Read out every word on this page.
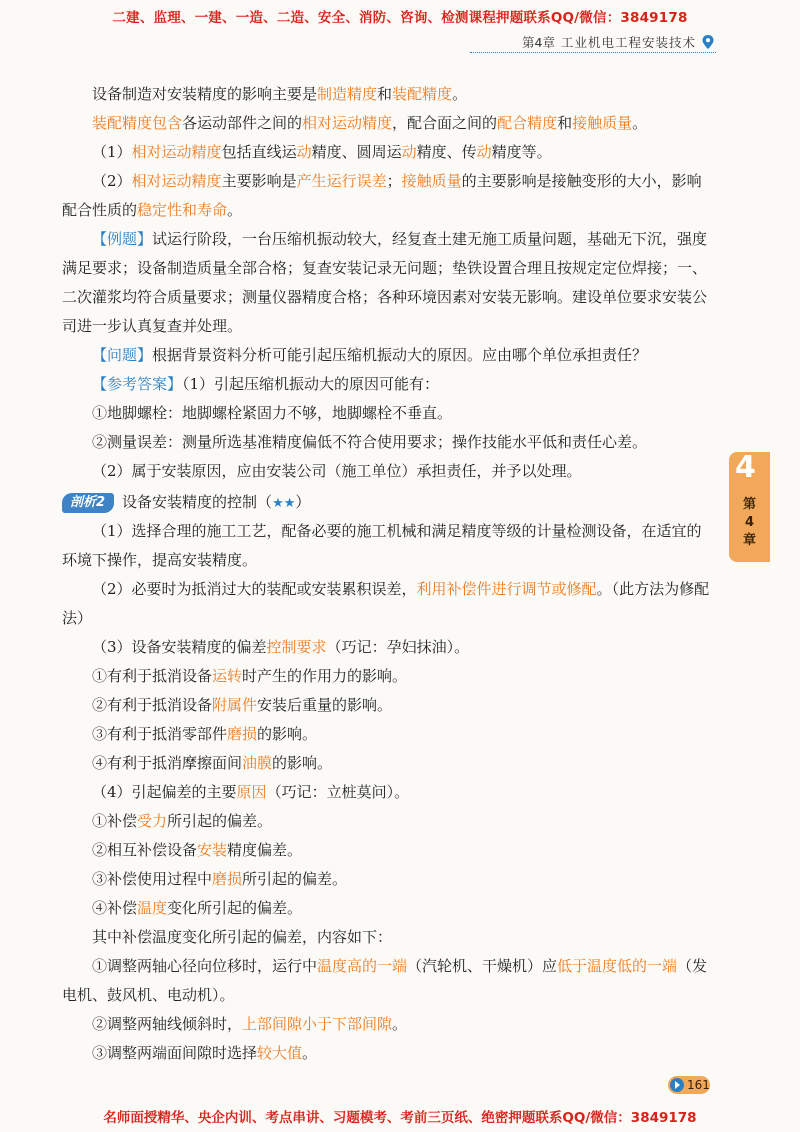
二建、监理、一建、一造、二造、安全、消防、咨询、检测课程押题联系QQ/微信：3849178
第4章 工业机电工程安装技术

设备制造对安装精度的影响主要是制造精度和装配精度。

装配精度包含各运动部件之间的相对运动精度，配合面之间的配合精度和接触质量。

（1）相对运动精度包括直线运动精度、圆周运动精度、传动精度等。

（2）相对运动精度主要影响是产生运行误差；接触质量的主要影响是接触变形的大小，影响配合性质的稳定性和寿命。

【例题】试运行阶段，一台压缩机振动较大，经复查土建无施工质量问题，基础无下沉，强度满足要求；设备制造质量全部合格；复查安装记录无问题；垫铁设置合理且按规定定位焊接；一、二次灌浆均符合质量要求；测量仪器精度合格；各种环境因素对安装无影响。建设单位要求安装公司进一步认真复查并处理。

【问题】根据背景资料分析可能引起压缩机振动大的原因。应由哪个单位承担责任？

【参考答案】（1）引起压缩机振动大的原因可能有：

①地脚螺栓：地脚螺栓紧固力不够，地脚螺栓不垂直。

②测量误差：测量所选基准精度偏低不符合使用要求；操作技能水平低和责任心差。

（2）属于安装原因，应由安装公司（施工单位）承担责任，并予以处理。

剖析2	设备安装精度的控制（★★）

（1）选择合理的施工工艺，配备必要的施工机械和满足精度等级的计量检测设备，在适宜的环境下操作，提高安装精度。

（2）必要时为抵消过大的装配或安装累积误差，利用补偿件进行调节或修配。（此方法为修配法）

（3）设备安装精度的偏差控制要求（巧记：孕妇抹油）。

①有利于抵消设备运转时产生的作用力的影响。

②有利于抵消设备附属件安装后重量的影响。

③有利于抵消零部件磨损的影响。

④有利于抵消摩擦面间油膜的影响。

（4）引起偏差的主要原因（巧记：立桩莫问）。

①补偿受力所引起的偏差。

②相互补偿设备安装精度偏差。

③补偿使用过程中磨损所引起的偏差。

④补偿温度变化所引起的偏差。

其中补偿温度变化所引起的偏差，内容如下：

①调整两轴心径向位移时，运行中温度高的一端（汽轮机、干燥机）应低于温度低的一端（发电机、鼓风机、电动机）。

②调整两轴线倾斜时，上部间隙小于下部间隙。

③调整两端面间隙时选择较大值。

4
第
4
章
161
名师面授精华、央企内训、考点串讲、习题模考、考前三页纸、绝密押题联系QQ/微信：3849178
